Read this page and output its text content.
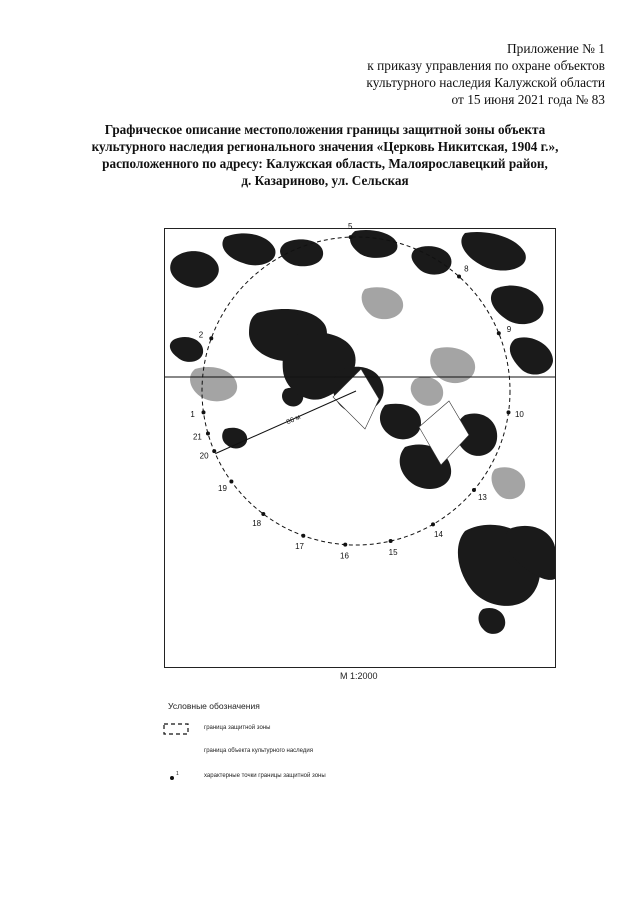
Приложение № 1
к приказу управления по охране объектов
культурного наследия Калужской области
от 15 июня 2021 года № 83
Графическое описание местоположения границы защитной зоны объекта
культурного наследия регионального значения «Церковь Никитская, 1904 г.»,
расположенного по адресу: Калужская область, Малоярославецкий район,
д. Казариново, ул. Сельская
86 м
1
2
5
8
9
10
13
14
15
16
17
18
19
20
21
М 1:2000
Условные обозначения
граница защитной зоны
граница объекта культурного наследия
1	характерные точки границы защитной зоны
